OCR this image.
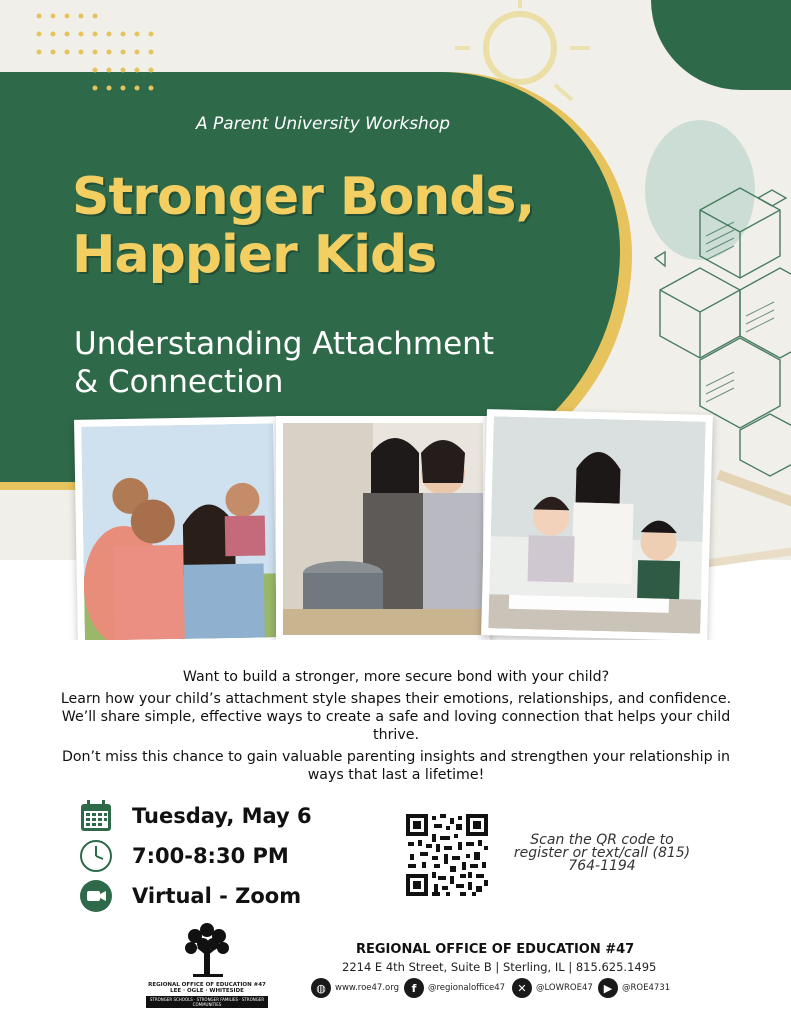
A Parent University Workshop
Stronger Bonds,
Happier Kids
Understanding Attachment
& Connection

Want to build a stronger, more secure bond with your child?

Learn how your child’s attachment style shapes their emotions, relationships, and confidence. We’ll share simple, effective ways to create a safe and loving connection that helps your child thrive.

Don’t miss this chance to gain valuable parenting insights and strengthen your relationship in ways that last a lifetime!

Tuesday, May 6
7:00-8:30 PM
Virtual - Zoom
Scan the QR code to register or text/call (815) 764-1194
REGIONAL OFFICE OF EDUCATION #47
LEE · OGLE · WHITESIDE
STRONGER SCHOOLS · STRONGER FAMILIES · STRONGER COMMUNITIES
REGIONAL OFFICE OF EDUCATION #47
2214 E 4th Street, Suite B | Sterling, IL | 815.625.1495
◍	www.roe47.org	f	@regionaloffice47	✕	@LOWROE47 ▶	@ROE4731
